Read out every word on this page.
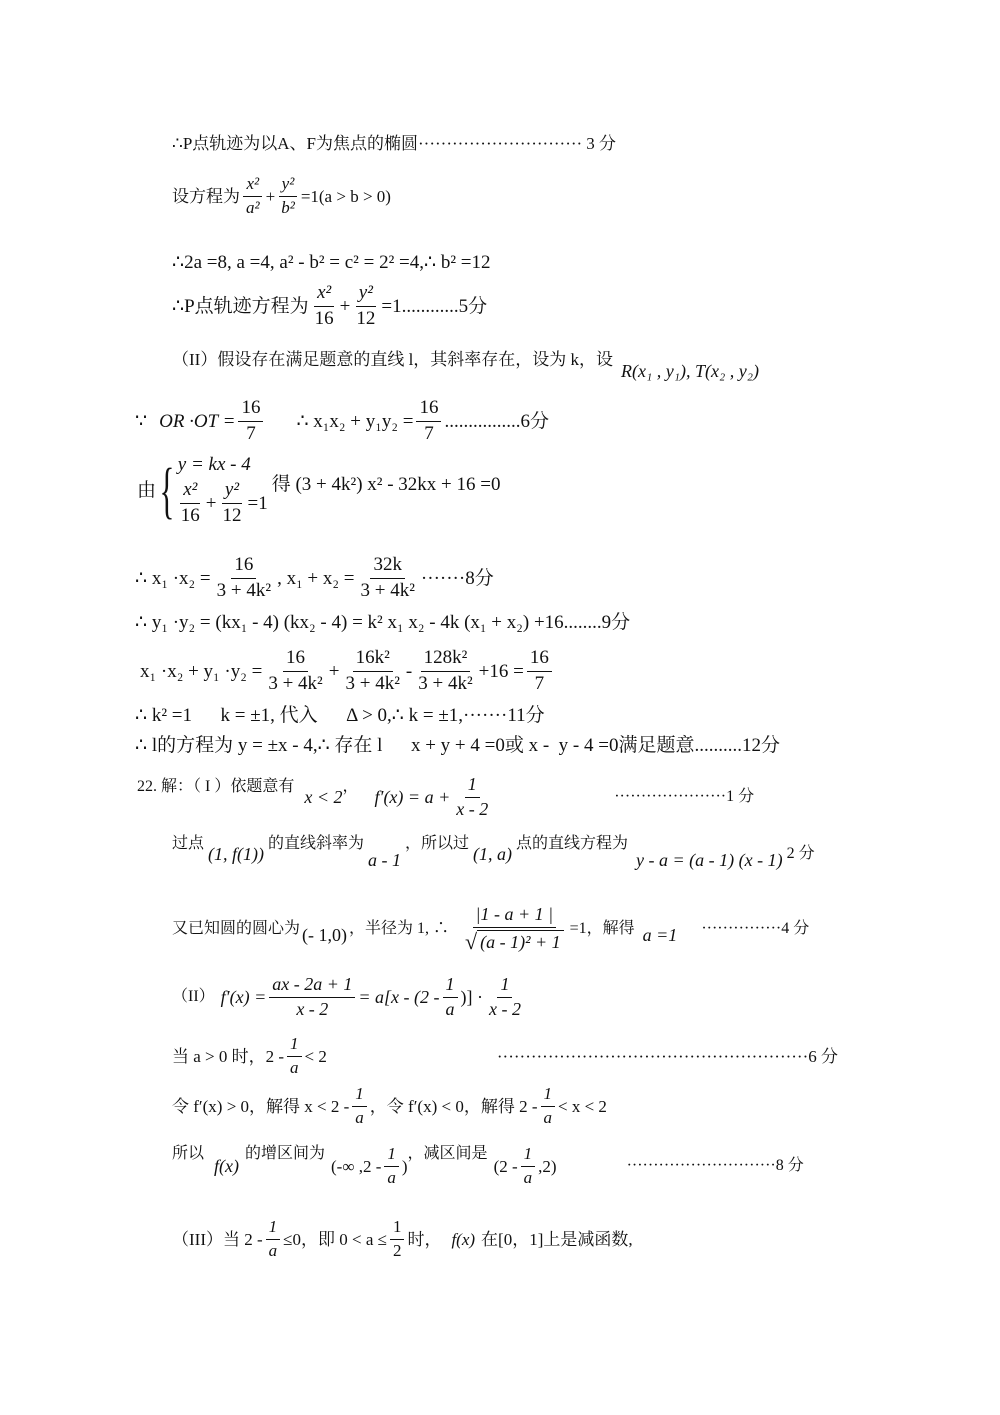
∴P点轨迹为以A、F为焦点的椭圆 ····························· 3 分
设方程为 $\frac{\text{x²}}{\text{a²}} + \frac{\text{y²}}{\text{b²}} =1(a > b > 0)$
∴2a =8, a =4, a² - b² = c² = 2² =4,∴ b² =12
∴P点轨迹方程为 $\frac{\text{x²}}{16} + \frac{\text{y²}}{12} =1$ ............ 5分
（II）假设存在满足题意的直线 l，其斜率存在，设为 k，设
R(x₁ , y₁), T(x₂ , y₂)
∵ OR $\cdot OT = \frac{16}{7}$ ∴ $x_1x_2 + y_1y_2 = \frac{16}{7}$ ................ 6分
由 { y = kx - 4
$\frac{\text{x²}}{16} + \frac{\text{y²}}{12} =1$
得 (3 + 4k²) x² - 32kx + 16 =0
∴ $x_1 \cdot x_2 = \frac{16}{\text{3 + 4k²}}$ , $x_1 + x_2 = \frac{32k}{\text{3 + 4k²}}$ ······· 8分
∴ y₁ ·y₂ = (kx₁ - 4) (kx₂ - 4) = k² x₁ x₂ - 4k (x₁ + x₂) +16 ........ 9分
$x_1 \cdot x_2 + y_1 \cdot y_2 = \frac{16}{\text{3 + 4k²}} + \frac{\text{16k²}}{\text{3 + 4k²}} - \frac{\text{128k²}}{\text{3 + 4k²}} +16 = \frac{16}{7}$
∴ k² =1      k = ±1, 代入      Δ > 0,∴ k = ±1, ······· 11分
∴ l的方程为 y = ±x - 4,∴ 存在 l      x + y + 4 =0或 x -  y - 4 =0满足题意 .......... 12分
22. 解：（ I ）依题意有
x < 2
，
$f'(x) = a + \frac{1}{x - 2}$	····················· 1 分
过点
(1, f(1))
的直线斜率为
a - 1
，所以过
(1, a)
点的直线方程为
y - a = (a - 1) (x - 1) 2 分
又已知圆的圆心为 (- 1,0) ，半径为 1, ∴ $\frac{|1 - a + 1 |}{\text{√ (a - 1)² + 1}} =1$，解得 a =1 ··············· 4 分
（II） $f'(x) = \frac{ax - 2a + 1}{x - 2} = a[x - (2 - \frac{1}{a}$ )] · $\frac{1}{x - 2}$
当 a > 0 时，$2 - \frac{1}{a} < 2$	······················································· 6 分
令 f′(x) > 0，解得 $x < 2 - \frac{1}{a}$ ，令 f′(x) < 0，解得 $2 - \frac{1}{a} < x < 2$
所以
f(x)
的增区间为
(-∞ $,2 - \frac{1}{a}$ )
，减区间是
$(2 - \frac{1}{a} ,2)$	···························· 8 分
（III）当 $2 - \frac{1}{a} \le 0$，即 $0 < a \le \frac{1}{2}$ 时， f(x) 在[0，1]上是减函数,
